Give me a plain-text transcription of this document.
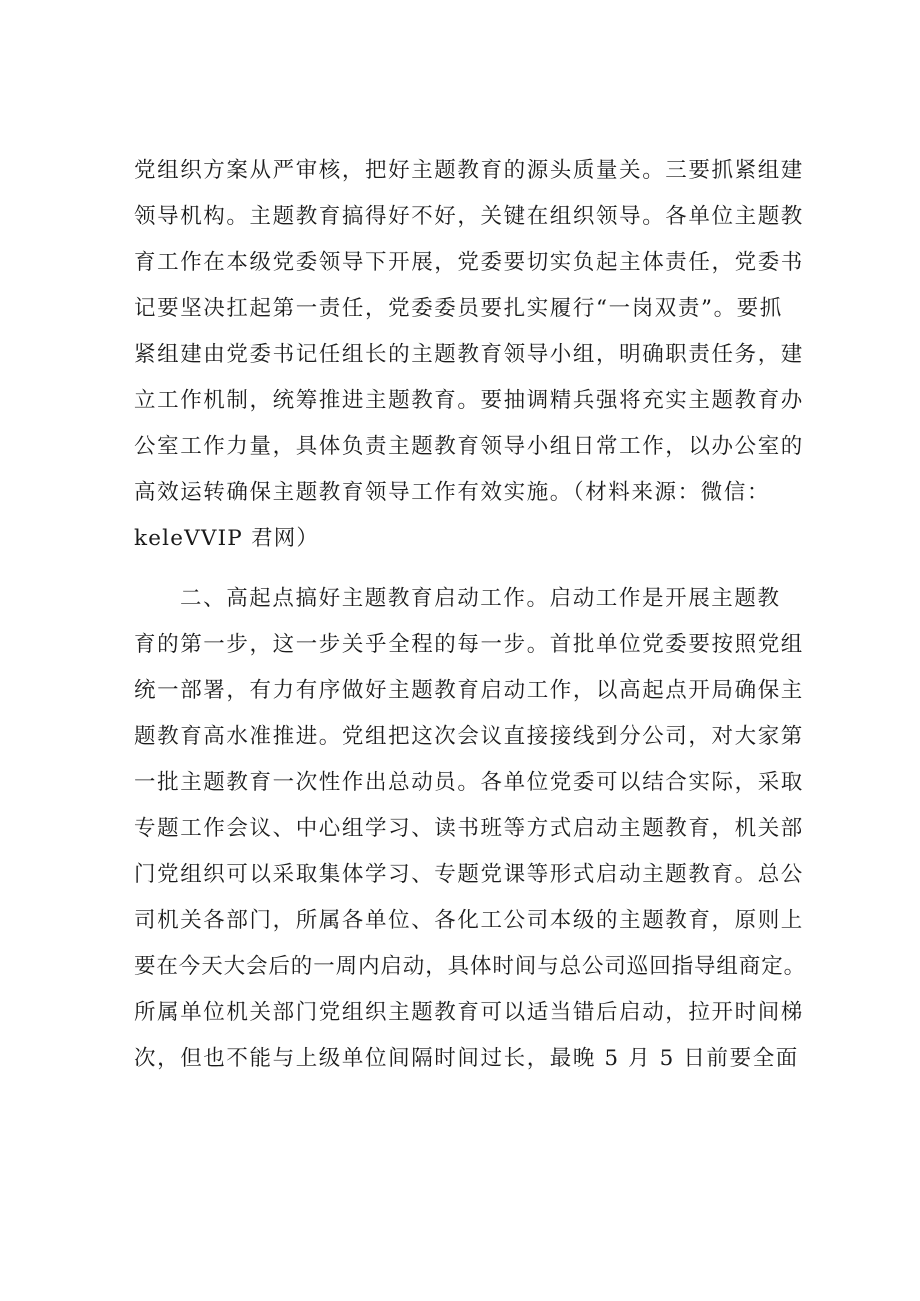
党组织方案从严审核，把好主题教育的源头质量关。三要抓紧组建
领导机构。主题教育搞得好不好，关键在组织领导。各单位主题教
育工作在本级党委领导下开展，党委要切实负起主体责任，党委书
记要坚决扛起第一责任，党委委员要扎实履行“一岗双责”。要抓
紧组建由党委书记任组长的主题教育领导小组，明确职责任务，建
立工作机制，统筹推进主题教育。要抽调精兵强将充实主题教育办
公室工作力量，具体负责主题教育领导小组日常工作，以办公室的
高效运转确保主题教育领导工作有效实施。（材料来源：微信：
keleVVIP 君网）
二、高起点搞好主题教育启动工作。启动工作是开展主题教
育的第一步，这一步关乎全程的每一步。首批单位党委要按照党组
统一部署，有力有序做好主题教育启动工作，以高起点开局确保主
题教育高水准推进。党组把这次会议直接接线到分公司，对大家第
一批主题教育一次性作出总动员。各单位党委可以结合实际，采取
专题工作会议、中心组学习、读书班等方式启动主题教育，机关部
门党组织可以采取集体学习、专题党课等形式启动主题教育。总公
司机关各部门，所属各单位、各化工公司本级的主题教育，原则上
要在今天大会后的一周内启动，具体时间与总公司巡回指导组商定。
所属单位机关部门党组织主题教育可以适当错后启动，拉开时间梯
次，但也不能与上级单位间隔时间过长，最晚 5 月 5 日前要全面
